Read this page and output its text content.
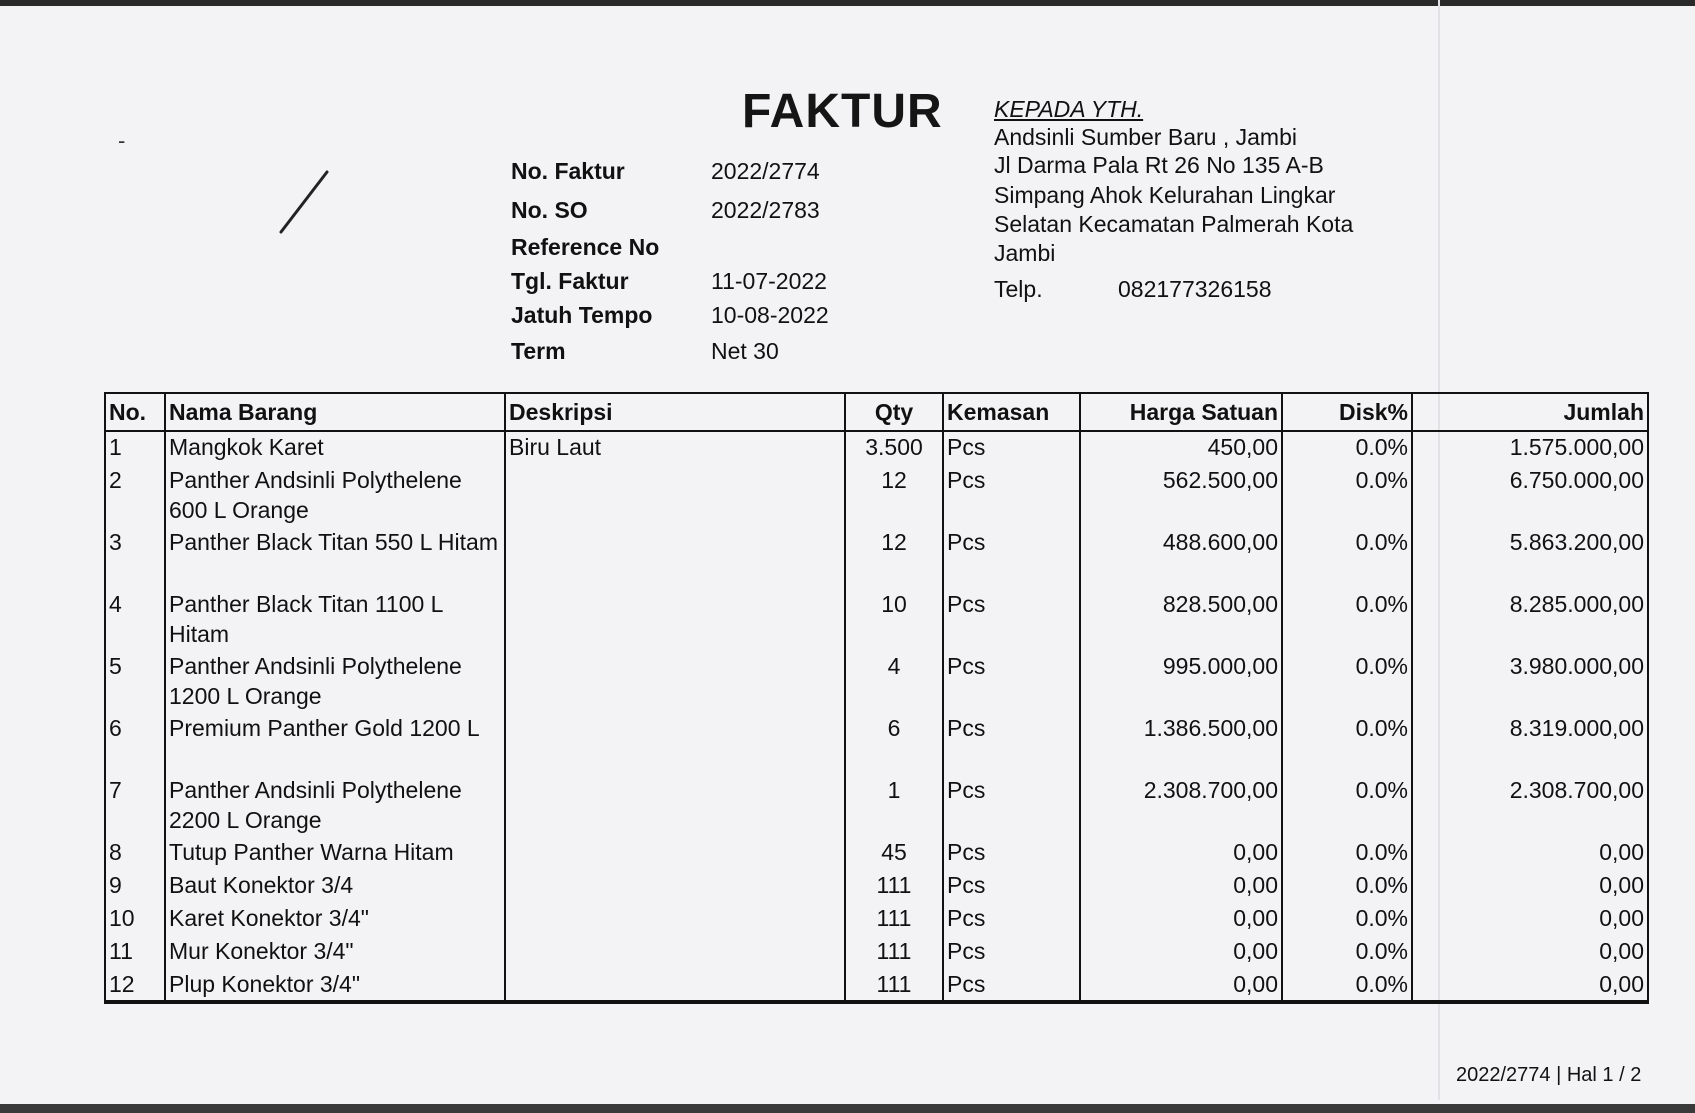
-
FAKTUR
No. Faktur	2022/2774
No. SO	2022/2783
Reference No
Tgl. Faktur	11-07-2022
Jatuh Tempo	10-08-2022
Term	Net 30
KEPADA YTH.
Andsinli Sumber Baru , Jambi
Jl Darma Pala Rt 26 No 135 A-B
Simpang Ahok Kelurahan Lingkar
Selatan Kecamatan Palmerah Kota
Jambi
Telp.	082177326158
No.	Nama Barang	Deskripsi	Qty	Kemasan	Harga Satuan	Disk%	Jumlah
1	Mangkok Karet	Biru Laut	3.500	Pcs	450,00	0.0%	1.575.000,00
2	Panther Andsinli Polythelene 600 L Orange		12	Pcs	562.500,00	0.0%	6.750.000,00
3	Panther Black Titan 550 L Hitam		12	Pcs	488.600,00	0.0%	5.863.200,00
4	Panther Black Titan 1100 L Hitam		10	Pcs	828.500,00	0.0%	8.285.000,00
5	Panther Andsinli Polythelene 1200 L Orange		4	Pcs	995.000,00	0.0%	3.980.000,00
6	Premium Panther Gold 1200 L		6	Pcs	1.386.500,00	0.0%	8.319.000,00
7	Panther Andsinli Polythelene 2200 L Orange		1	Pcs	2.308.700,00	0.0%	2.308.700,00
8	Tutup Panther Warna Hitam		45	Pcs	0,00	0.0%	0,00
9	Baut Konektor 3/4		111	Pcs	0,00	0.0%	0,00
10	Karet Konektor 3/4"		111	Pcs	0,00	0.0%	0,00
11	Mur Konektor 3/4"		111	Pcs	0,00	0.0%	0,00
12	Plup Konektor 3/4"		111	Pcs	0,00	0.0%	0,00
2022/2774 | Hal 1 / 2
